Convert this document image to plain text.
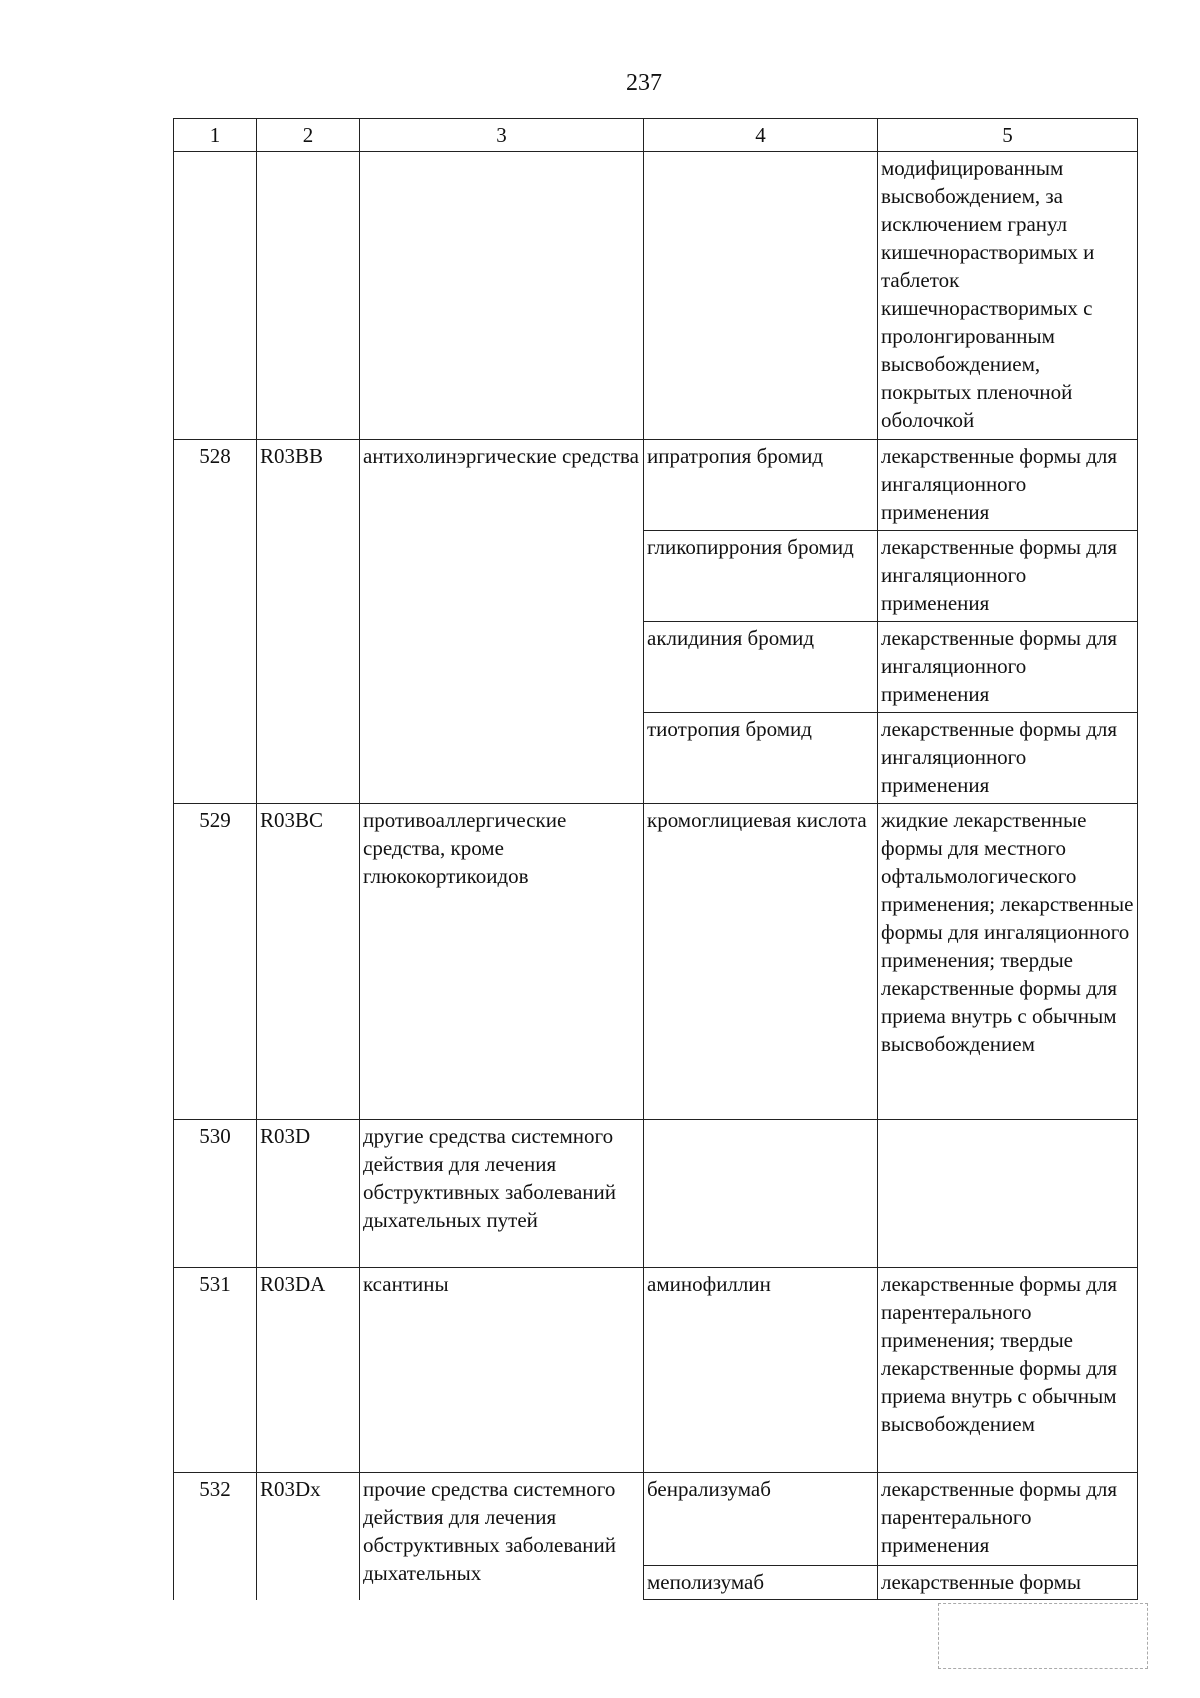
237
1	2	3	4	5
				модифицированным высвобождением, за исключением гранул кишечнорастворимых и таблеток кишечнорастворимых с пролонгированным высвобождением, покрытых пленочной оболочкой
528	R03BB	антихолинэргические средства	ипратропия бромид	лекарственные формы для ингаляционного применения
			гликопиррония бромид	лекарственные формы для ингаляционного применения
			аклидиния бромид	лекарственные формы для ингаляционного применения
			тиотропия бромид	лекарственные формы для ингаляционного применения
529	R03BC	противоаллергические средства, кроме глюкокортикоидов	кромоглициевая кислота	жидкие лекарственные формы для местного офтальмологического применения; лекарственные формы для ингаляционного применения; твердые лекарственные формы для приема внутрь с обычным высвобождением
530	R03D	другие средства системного действия для лечения обструктивных заболеваний дыхательных путей		
531	R03DA	ксантины	аминофиллин	лекарственные формы для парентерального применения; твердые лекарственные формы для приема внутрь с обычным высвобождением
532	R03Dx	прочие средства системного действия для лечения обструктивных заболеваний дыхательных	бенрализумаб	лекарственные формы для парентерального применения
			меполизумаб	лекарственные формы
